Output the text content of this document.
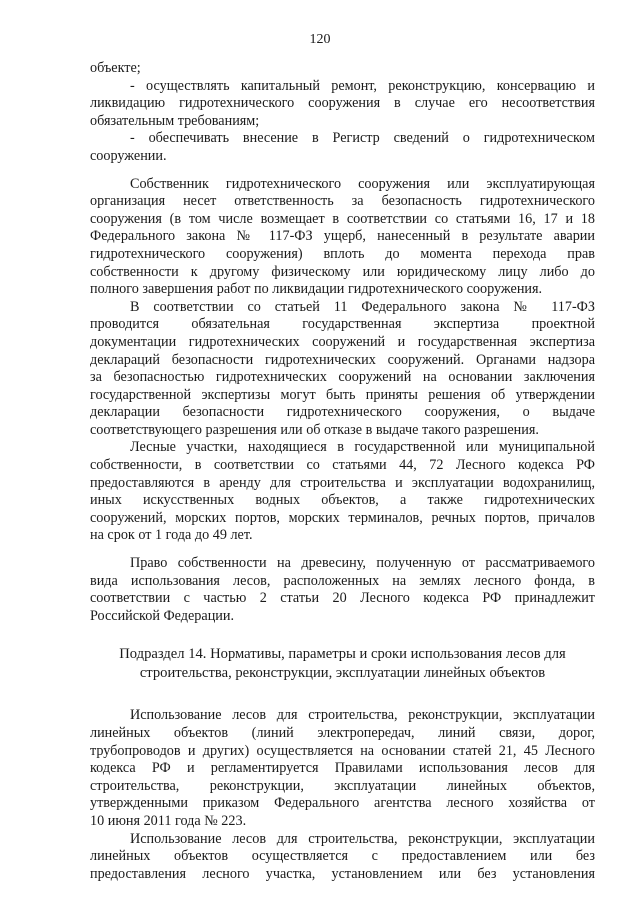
120
объекте;
- осуществлять капитальный ремонт, реконструкцию, консервацию и
ликвидацию гидротехнического сооружения в случае его несоответствия
обязательным требованиям;
- обеспечивать внесение в Регистр сведений о гидротехническом
сооружении.
Собственник гидротехнического сооружения или эксплуатирующая
организация несет ответственность за безопасность гидротехнического
сооружения (в том числе возмещает в соответствии со статьями 16, 17 и 18
Федерального закона № 117-ФЗ ущерб, нанесенный в результате аварии
гидротехнического сооружения) вплоть до момента перехода прав
собственности к другому физическому или юридическому лицу либо до
полного завершения работ по ликвидации гидротехнического сооружения.
В соответствии со статьей 11 Федерального закона № 117-ФЗ
проводится обязательная государственная экспертиза проектной
документации гидротехнических сооружений и государственная экспертиза
деклараций безопасности гидротехнических сооружений. Органами надзора
за безопасностью гидротехнических сооружений на основании заключения
государственной экспертизы могут быть приняты решения об утверждении
декларации безопасности гидротехнического сооружения, о выдаче
соответствующего разрешения или об отказе в выдаче такого разрешения.
Лесные участки, находящиеся в государственной или муниципальной
собственности, в соответствии со статьями 44, 72 Лесного кодекса РФ
предоставляются в аренду для строительства и эксплуатации водохранилищ,
иных искусственных водных объектов, а также гидротехнических
сооружений, морских портов, морских терминалов, речных портов, причалов
на срок от 1 года до 49 лет.
Право собственности на древесину, полученную от рассматриваемого
вида использования лесов, расположенных на землях лесного фонда, в
соответствии с частью 2 статьи 20 Лесного кодекса РФ принадлежит
Российской Федерации.
Подраздел 14. Нормативы, параметры и сроки использования лесов для
строительства, реконструкции, эксплуатации линейных объектов
Использование лесов для строительства, реконструкции, эксплуатации
линейных объектов (линий электропередач, линий связи, дорог,
трубопроводов и других) осуществляется на основании статей 21, 45 Лесного
кодекса РФ и регламентируется Правилами использования лесов для
строительства, реконструкции, эксплуатации линейных объектов,
утвержденными приказом Федерального агентства лесного хозяйства от
10 июня 2011 года № 223.
Использование лесов для строительства, реконструкции, эксплуатации
линейных объектов осуществляется с предоставлением или без
предоставления лесного участка, установлением или без установления
